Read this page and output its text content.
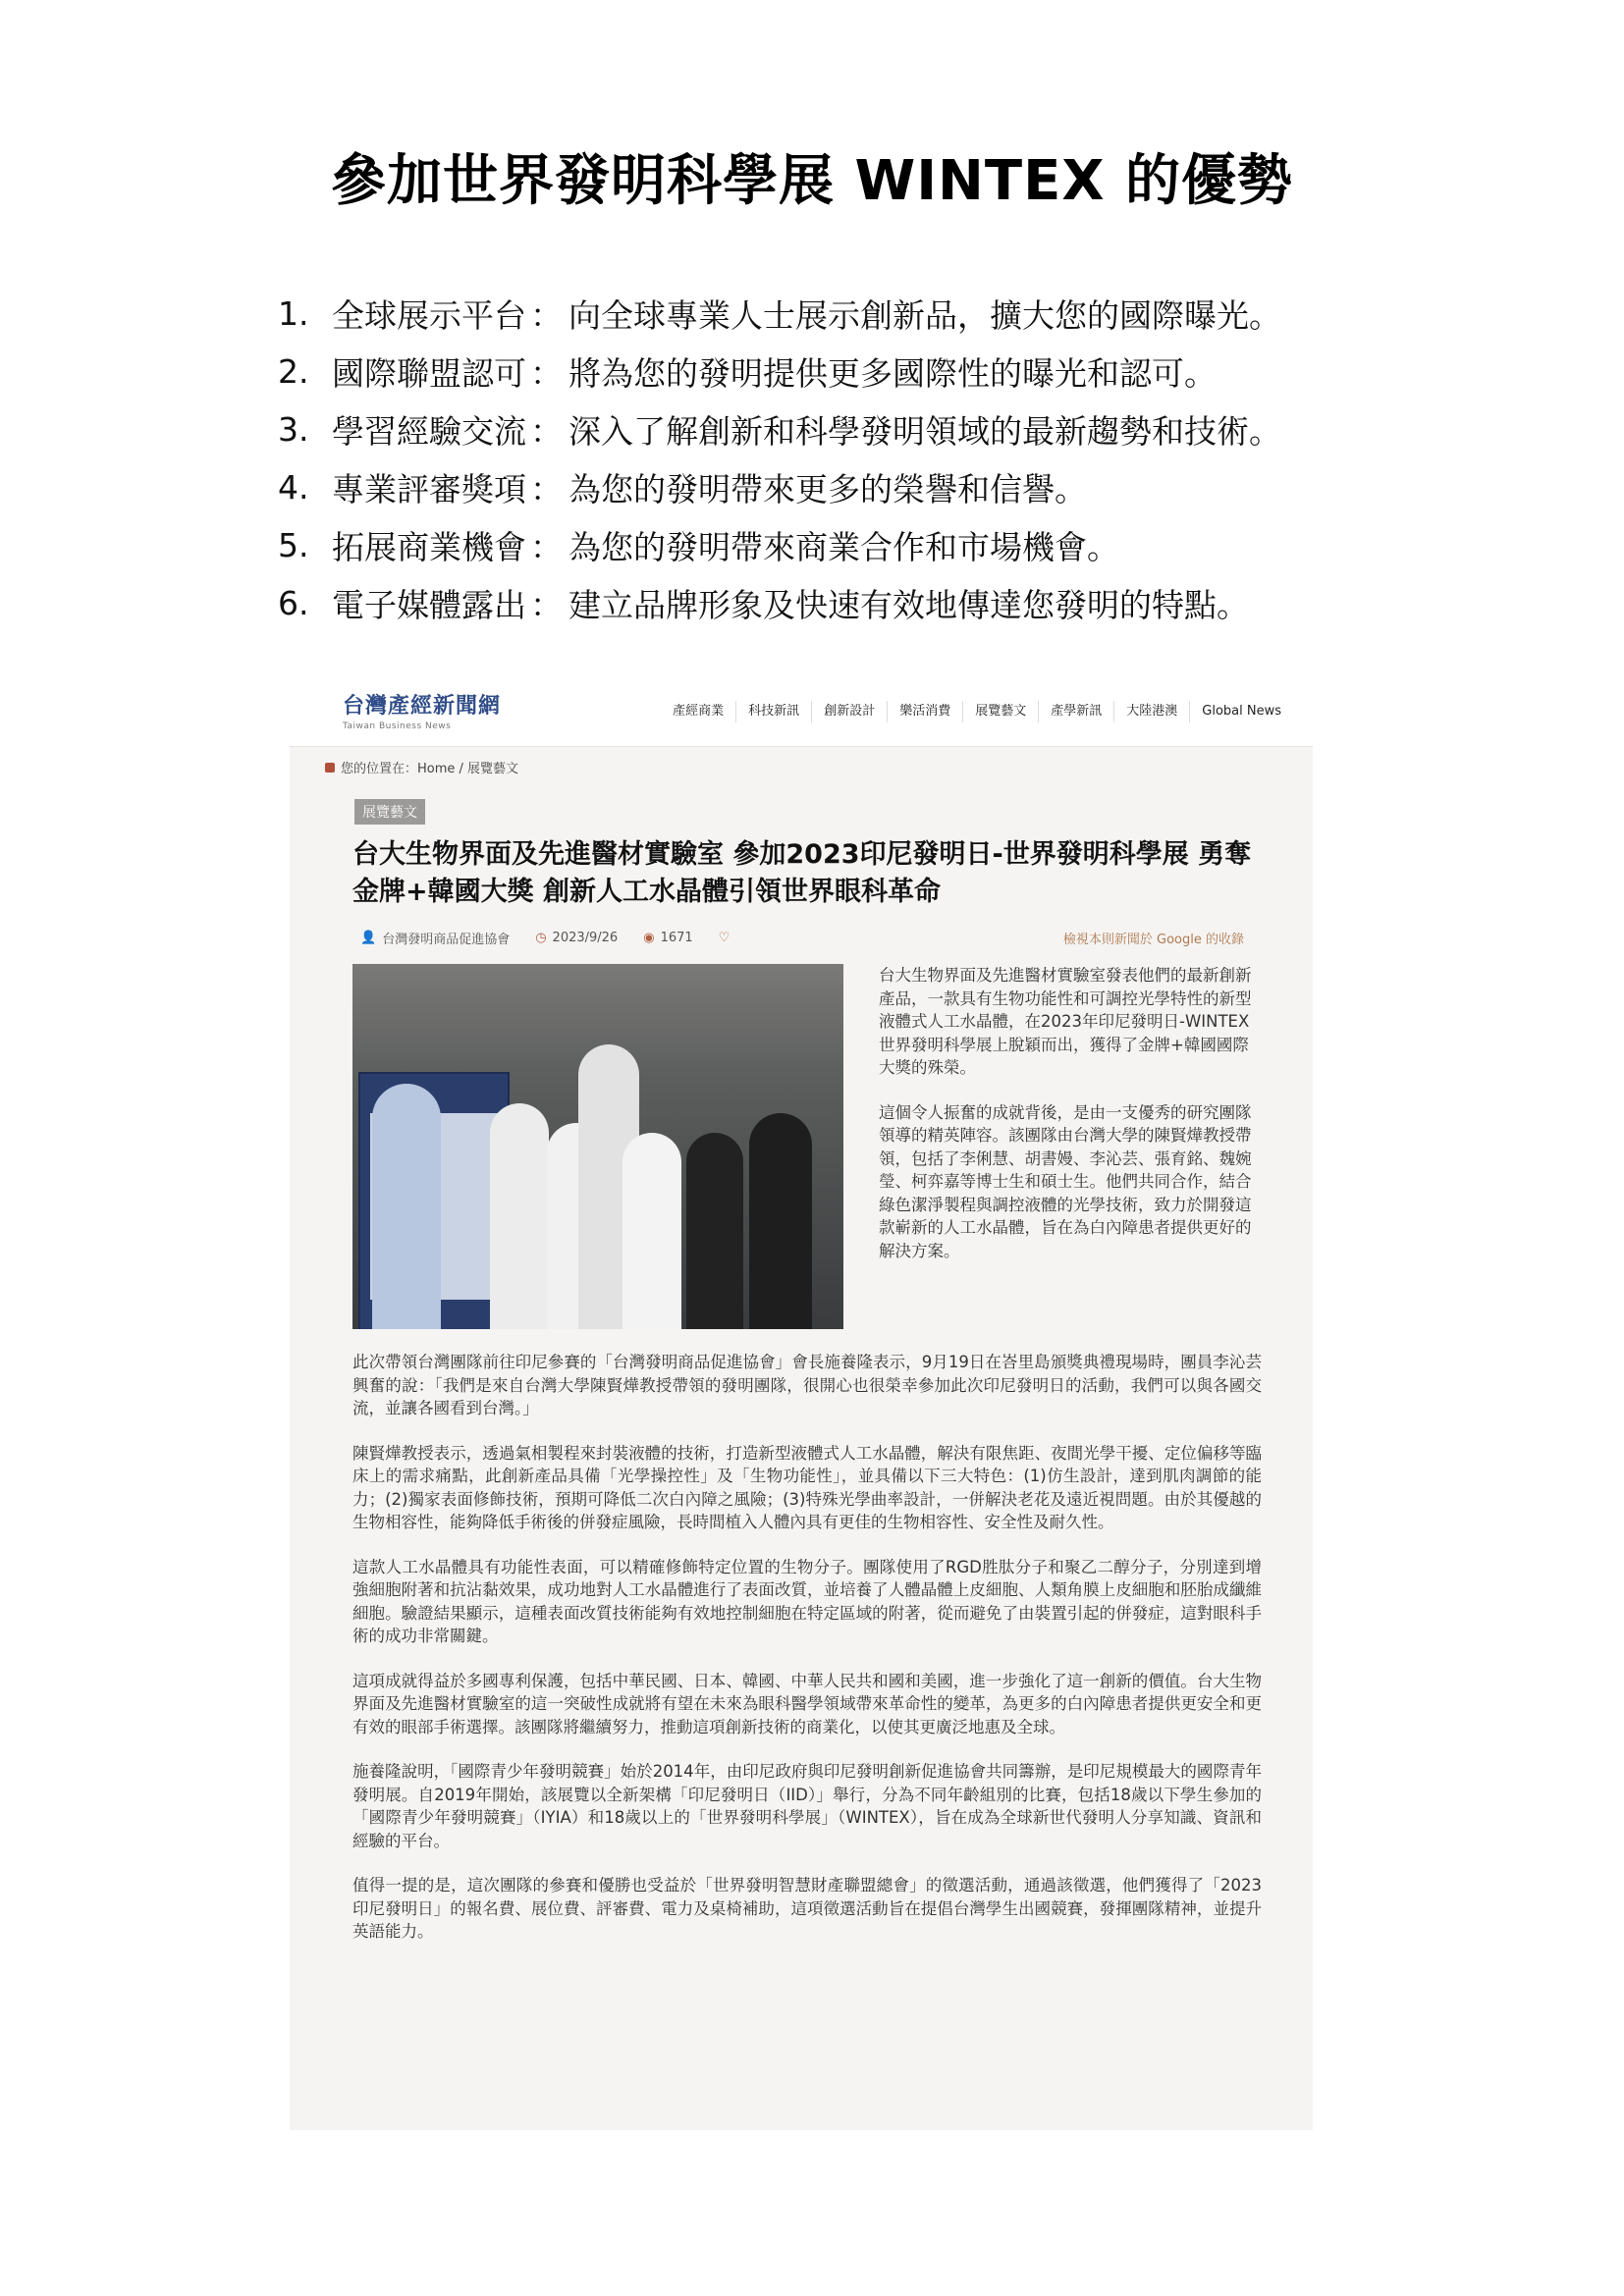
參加世界發明科學展 WINTEX 的優勢
1. 全球展示平台 ： 向全球專業人士展示創新品，擴大您的國際曝光。
2. 國際聯盟認可 ： 將為您的發明提供更多國際性的曝光和認可。
3. 學習經驗交流 ： 深入了解創新和科學發明領域的最新趨勢和技術。
4. 專業評審獎項 ： 為您的發明帶來更多的榮譽和信譽。
5. 拓展商業機會 ： 為您的發明帶來商業合作和市場機會。
6. 電子媒體露出 ： 建立品牌形象及快速有效地傳達您發明的特點。
台灣產經新聞網
Taiwan Business News
產經商業	科技新訊	創新設計	樂活消費	展覽藝文	產學新訊	大陸港澳	Global News
您的位置在：Home / 展覽藝文
展覽藝文
台大生物界面及先進醫材實驗室 參加2023印尼發明日-世界發明科學展 勇奪金牌+韓國大獎 創新人工水晶體引領世界眼科革命
👤 台灣發明商品促進協會 ◷ 2023/9/26 ◉ 1671 ♡	檢視本則新聞於 Google 的收錄

台大生物界面及先進醫材實驗室發表他們的最新創新產品，一款具有生物功能性和可調控光學特性的新型液體式人工水晶體，在2023年印尼發明日-WINTEX世界發明科學展上脫穎而出，獲得了金牌+韓國國際大獎的殊榮。

這個令人振奮的成就背後，是由一支優秀的研究團隊領導的精英陣容。該團隊由台灣大學的陳賢燁教授帶領，包括了李俐慧、胡書嫚、李沁芸、張育銘、魏婉瑩、柯弈嘉等博士生和碩士生。他們共同合作，結合綠色潔淨製程與調控液體的光學技術，致力於開發這款嶄新的人工水晶體，旨在為白內障患者提供更好的解決方案。

此次帶領台灣團隊前往印尼參賽的「台灣發明商品促進協會」會長施養隆表示，9月19日在峇里島頒獎典禮現場時，團員李沁芸興奮的說：「我們是來自台灣大學陳賢燁教授帶領的發明團隊，很開心也很榮幸參加此次印尼發明日的活動，我們可以與各國交流，並讓各國看到台灣。」

陳賢燁教授表示，透過氣相製程來封裝液體的技術，打造新型液體式人工水晶體，解決有限焦距、夜間光學干擾、定位偏移等臨床上的需求痛點，此創新產品具備「光學操控性」及「生物功能性」，並具備以下三大特色：(1)仿生設計，達到肌肉調節的能力；(2)獨家表面修飾技術，預期可降低二次白內障之風險；(3)特殊光學曲率設計，一併解決老花及遠近視問題。由於其優越的生物相容性，能夠降低手術後的併發症風險，長時間植入人體內具有更佳的生物相容性、安全性及耐久性。

這款人工水晶體具有功能性表面，可以精確修飾特定位置的生物分子。團隊使用了RGD胜肽分子和聚乙二醇分子，分別達到增強細胞附著和抗沾黏效果，成功地對人工水晶體進行了表面改質，並培養了人體晶體上皮細胞、人類角膜上皮細胞和胚胎成纖維細胞。驗證結果顯示，這種表面改質技術能夠有效地控制細胞在特定區域的附著，從而避免了由裝置引起的併發症，這對眼科手術的成功非常關鍵。

這項成就得益於多國專利保護，包括中華民國、日本、韓國、中華人民共和國和美國，進一步強化了這一創新的價值。台大生物界面及先進醫材實驗室的這一突破性成就將有望在未來為眼科醫學領域帶來革命性的變革，為更多的白內障患者提供更安全和更有效的眼部手術選擇。該團隊將繼續努力，推動這項創新技術的商業化，以使其更廣泛地惠及全球。

施養隆說明，「國際青少年發明競賽」始於2014年，由印尼政府與印尼發明創新促進協會共同籌辦，是印尼規模最大的國際青年發明展。自2019年開始，該展覽以全新架構「印尼發明日（IID）」舉行，分為不同年齡組別的比賽，包括18歲以下學生參加的「國際青少年發明競賽」（IYIA）和18歲以上的「世界發明科學展」（WINTEX），旨在成為全球新世代發明人分享知識、資訊和經驗的平台。

值得一提的是，這次團隊的參賽和優勝也受益於「世界發明智慧財產聯盟總會」的徵選活動，通過該徵選，他們獲得了「2023印尼發明日」的報名費、展位費、評審費、電力及桌椅補助，這項徵選活動旨在提倡台灣學生出國競賽，發揮團隊精神，並提升英語能力。
